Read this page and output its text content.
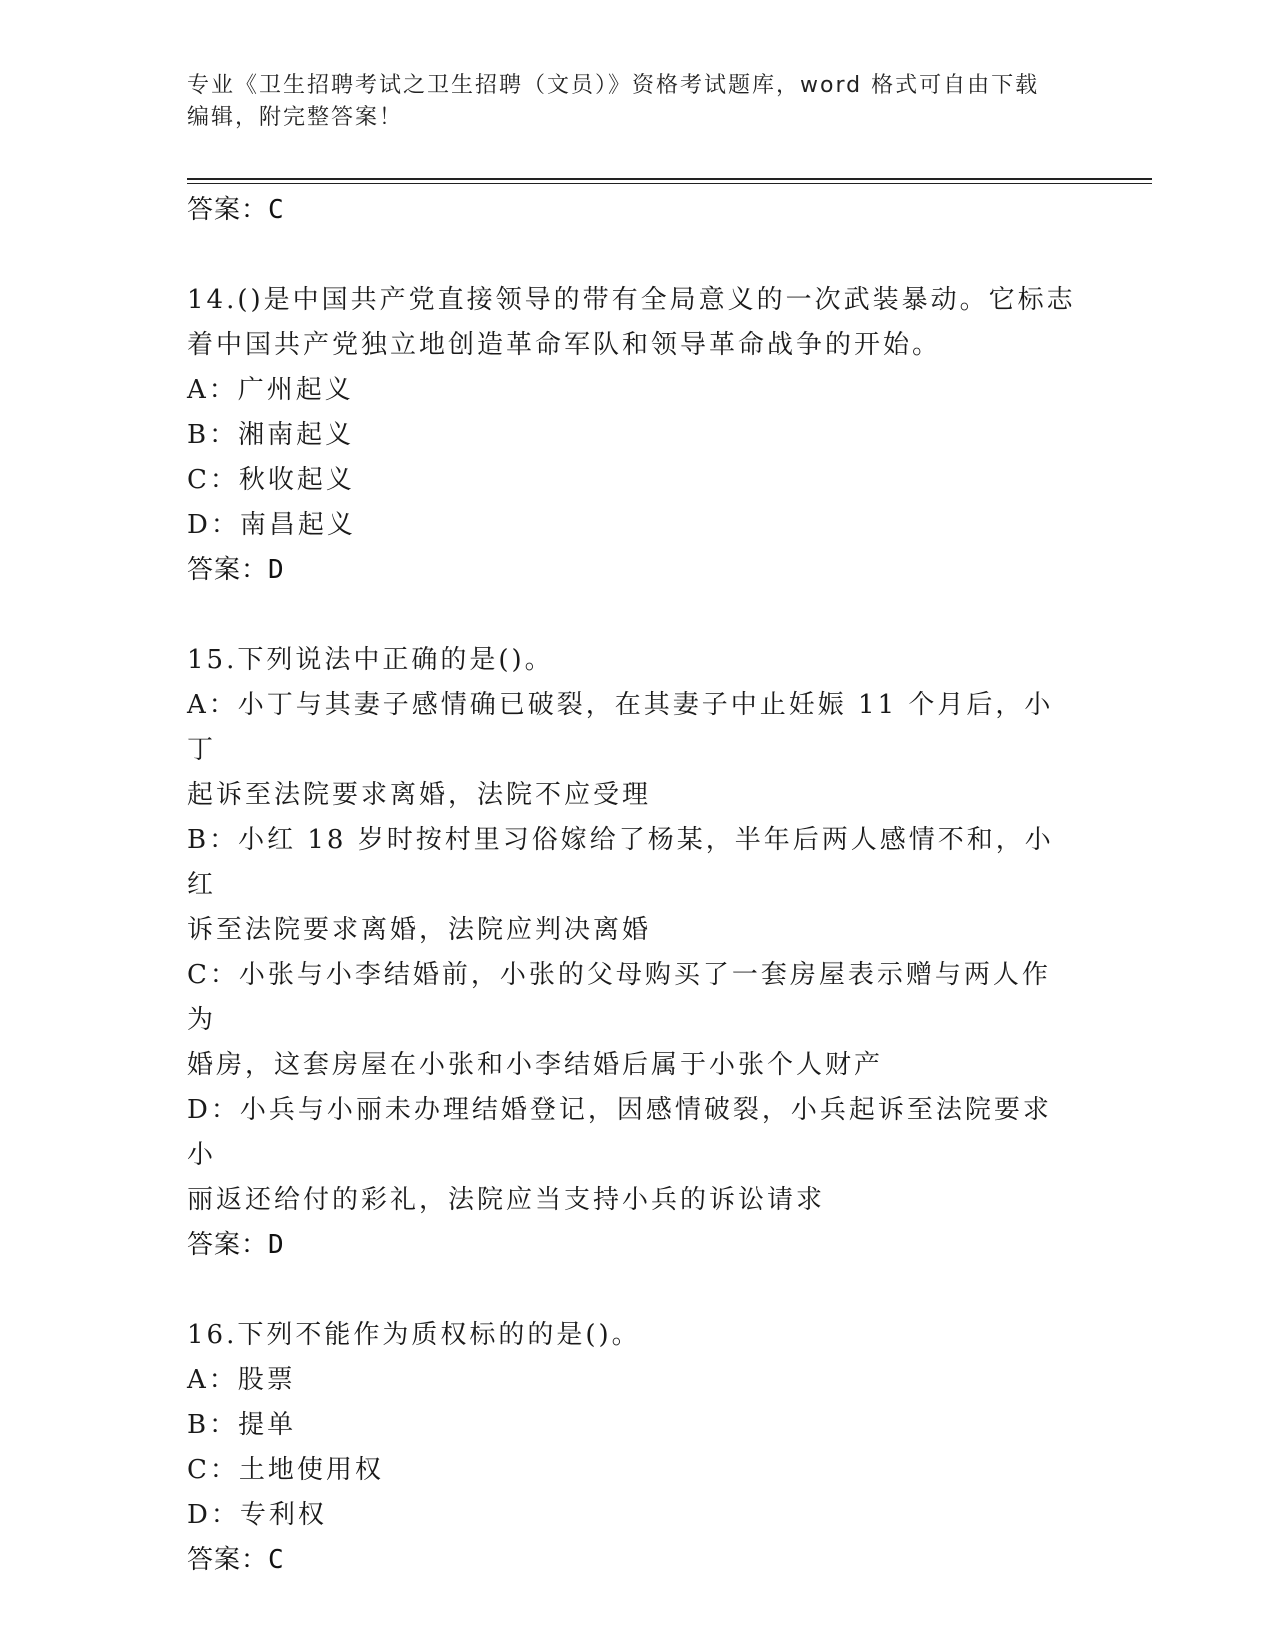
专业《卫生招聘考试之卫生招聘（文员）》资格考试题库，word 格式可自由下载
编辑，附完整答案！
答案：C
14.()是中国共产党直接领导的带有全局意义的一次武装暴动。它标志
着中国共产党独立地创造革命军队和领导革命战争的开始。
A：广州起义
B：湘南起义
C：秋收起义
D：南昌起义
答案：D
15.下列说法中正确的是()。
A：小丁与其妻子感情确已破裂，在其妻子中止妊娠 11 个月后，小丁
起诉至法院要求离婚，法院不应受理
B：小红 18 岁时按村里习俗嫁给了杨某，半年后两人感情不和，小红
诉至法院要求离婚，法院应判决离婚
C：小张与小李结婚前，小张的父母购买了一套房屋表示赠与两人作为
婚房，这套房屋在小张和小李结婚后属于小张个人财产
D：小兵与小丽未办理结婚登记，因感情破裂，小兵起诉至法院要求小
丽返还给付的彩礼，法院应当支持小兵的诉讼请求
答案：D
16.下列不能作为质权标的的是()。
A：股票
B：提单
C：土地使用权
D：专利权
答案：C
